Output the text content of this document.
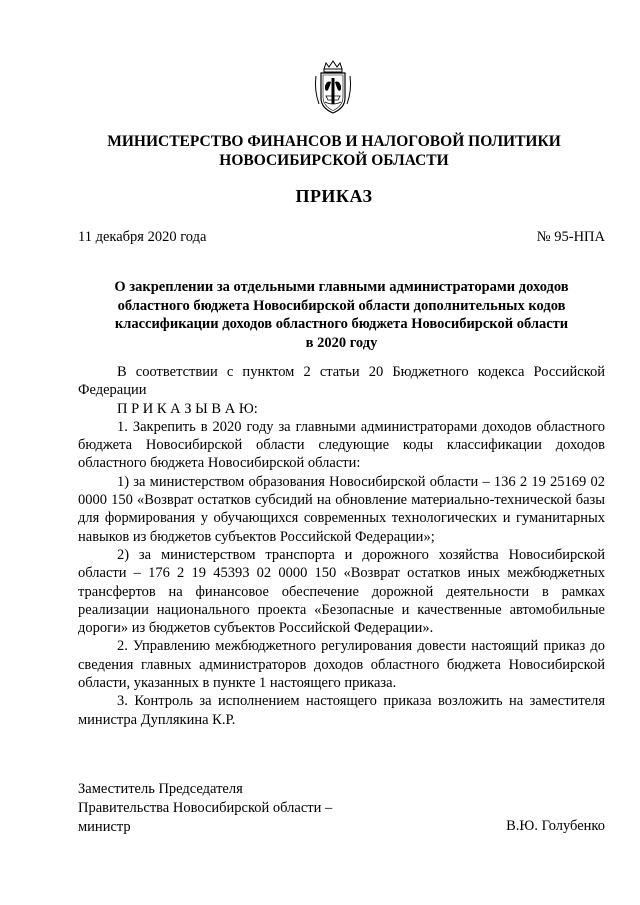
МИНИСТЕРСТВО ФИНАНСОВ И НАЛОГОВОЙ ПОЛИТИКИ
НОВОСИБИРСКОЙ ОБЛАСТИ
ПРИКАЗ
11 декабря 2020 года	№ 95-НПА
О закреплении за отдельными главными администраторами доходов
областного бюджета Новосибирской области дополнительных кодов
классификации доходов областного бюджета Новосибирской области
в 2020 году

В соответствии с пунктом 2 статьи 20 Бюджетного кодекса Российской Федерации

П Р И К А З Ы В А Ю:

1. Закрепить в 2020 году за главными администраторами доходов областного бюджета Новосибирской области следующие коды классификации доходов областного бюджета Новосибирской области:

1) за министерством образования Новосибирской области – 136 2 19 25169 02 0000 150 «Возврат остатков субсидий на обновление материально-технической базы для формирования у обучающихся современных технологических и гуманитарных навыков из бюджетов субъектов Российской Федерации»;

2) за министерством транспорта и дорожного хозяйства Новосибирской области – 176 2 19 45393 02 0000 150 «Возврат остатков иных межбюджетных трансфертов на финансовое обеспечение дорожной деятельности в рамках реализации национального проекта «Безопасные и качественные автомобильные дороги» из бюджетов субъектов Российской Федерации».

2. Управлению межбюджетного регулирования довести настоящий приказ до сведения главных администраторов доходов областного бюджета Новосибирской области, указанных в пункте 1 настоящего приказа.

3. Контроль за исполнением настоящего приказа возложить на заместителя министра Дуплякина К.Р.

Заместитель Председателя
Правительства Новосибирской области –
министр	В.Ю. Голубенко
